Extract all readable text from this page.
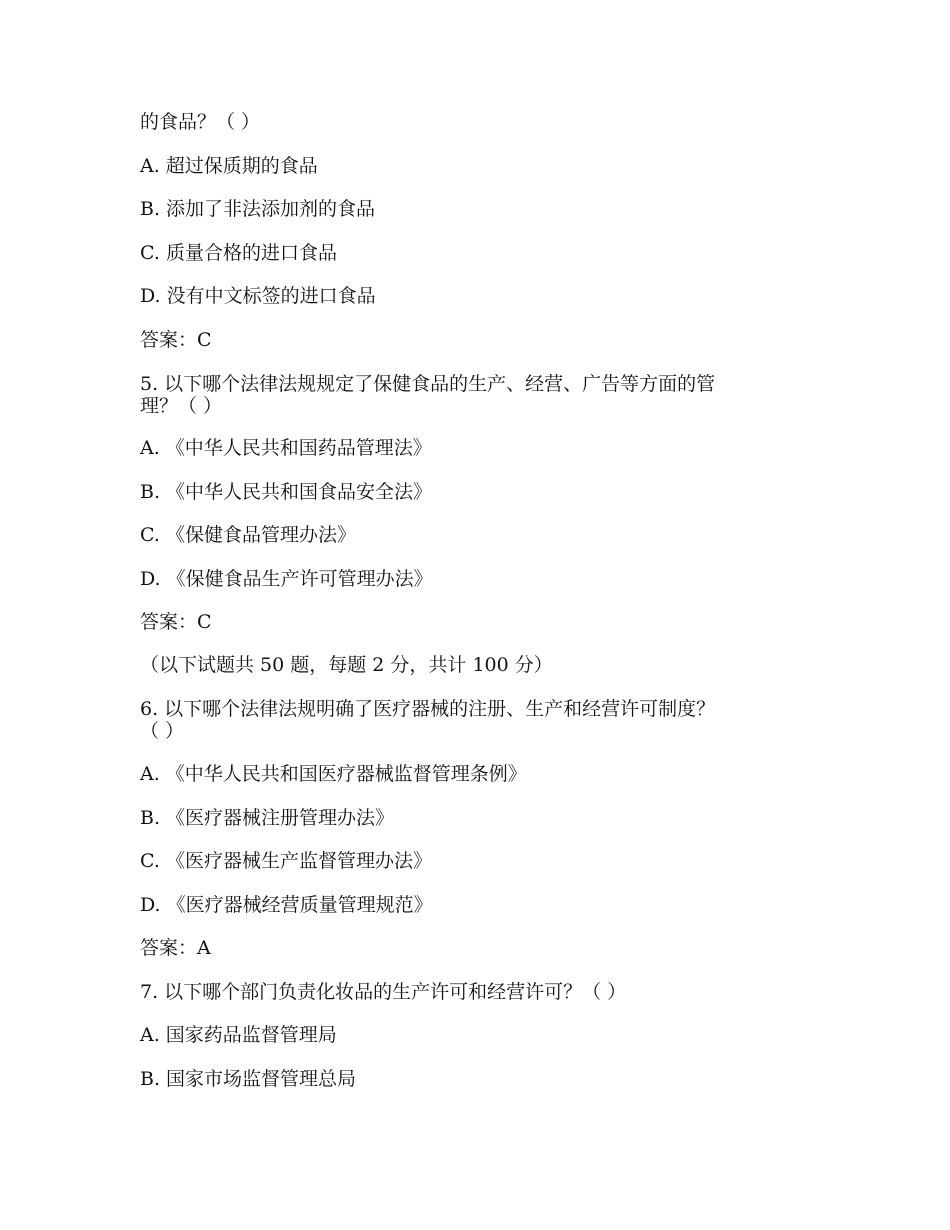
的食品？（ ）
A. 超过保质期的食品
B. 添加了非法添加剂的食品
C. 质量合格的进口食品
D. 没有中文标签的进口食品
答案：C
5. 以下哪个法律法规规定了保健食品的生产、经营、广告等方面的管
理？（ ）
A. 《中华人民共和国药品管理法》
B. 《中华人民共和国食品安全法》
C. 《保健食品管理办法》
D. 《保健食品生产许可管理办法》
答案：C
（以下试题共 50 题，每题 2 分，共计 100 分）
6. 以下哪个法律法规明确了医疗器械的注册、生产和经营许可制度？
（ ）
A. 《中华人民共和国医疗器械监督管理条例》
B. 《医疗器械注册管理办法》
C. 《医疗器械生产监督管理办法》
D. 《医疗器械经营质量管理规范》
答案：A
7. 以下哪个部门负责化妆品的生产许可和经营许可？（ ）
A. 国家药品监督管理局
B. 国家市场监督管理总局
